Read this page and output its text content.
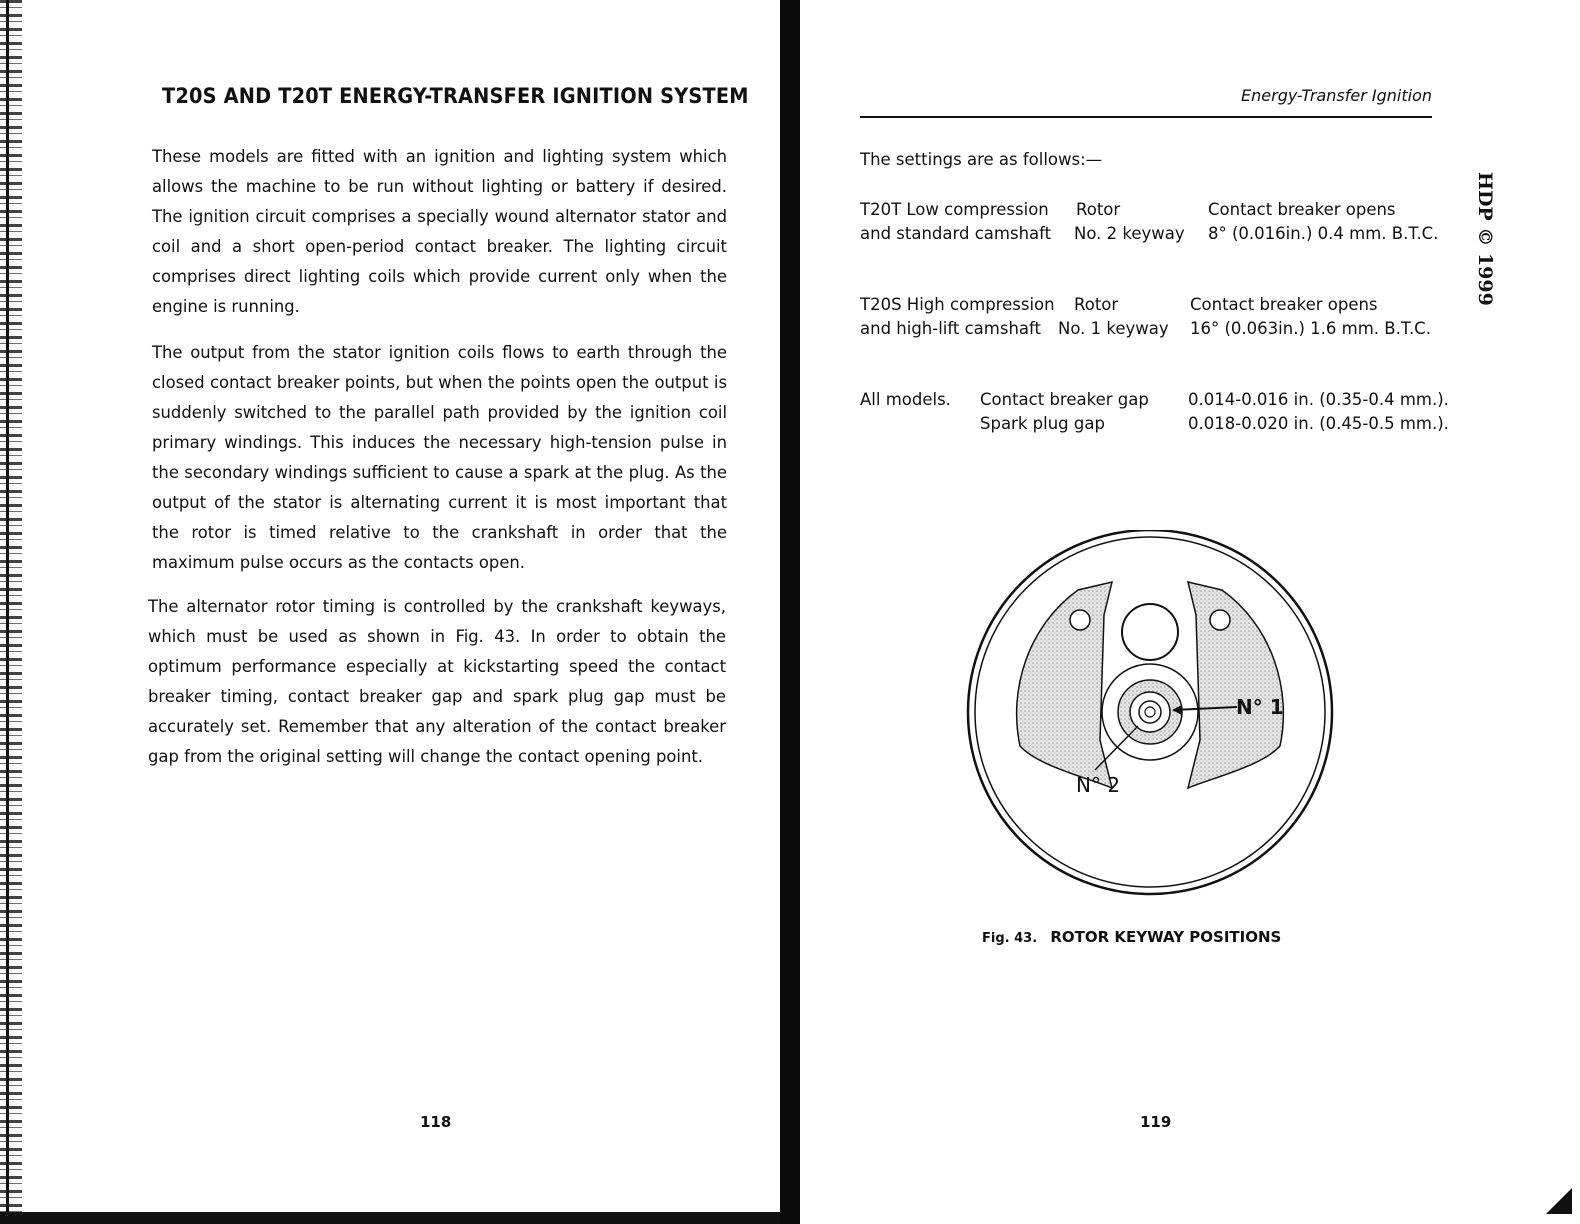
T20S AND T20T ENERGY-TRANSFER IGNITION SYSTEM

These models are fitted with an ignition and lighting system which allows the machine to be run without lighting or battery if desired. The ignition circuit comprises a specially wound alternator stator and coil and a short open-period contact breaker. The lighting circuit comprises direct lighting coils which provide current only when the engine is running.

The output from the stator ignition coils flows to earth through the closed contact breaker points, but when the points open the output is suddenly switched to the parallel path provided by the ignition coil primary windings. This induces the necessary high-tension pulse in the secondary windings sufficient to cause a spark at the plug. As the output of the stator is alternating current it is most important that the rotor is timed relative to the crankshaft in order that the maximum pulse occurs as the contacts open.

The alternator rotor timing is controlled by the crankshaft keyways, which must be used as shown in Fig. 43. In order to obtain the optimum performance especially at kickstarting speed the contact breaker timing, contact breaker gap and spark plug gap must be accurately set. Remember that any alteration of the contact breaker gap from the original setting will change the contact opening point.

118
Energy-Transfer Ignition
The settings are as follows:—
T20T Low compression
and standard camshaft
Rotor
No. 2 keyway
Contact breaker opens
8° (0.016in.) 0.4 mm. B.T.C.
T20S High compression
and high-lift camshaft
Rotor
No. 1 keyway
Contact breaker opens
16° (0.063in.) 1.6 mm. B.T.C.
All models. Contact breaker gap
Spark plug gap
0.014-0.016 in. (0.35-0.4 mm.).
0.018-0.020 in. (0.45-0.5 mm.).
HDP © 1999
N° 1
N° 2
Fig. 43. ROTOR KEYWAY POSITIONS
119
